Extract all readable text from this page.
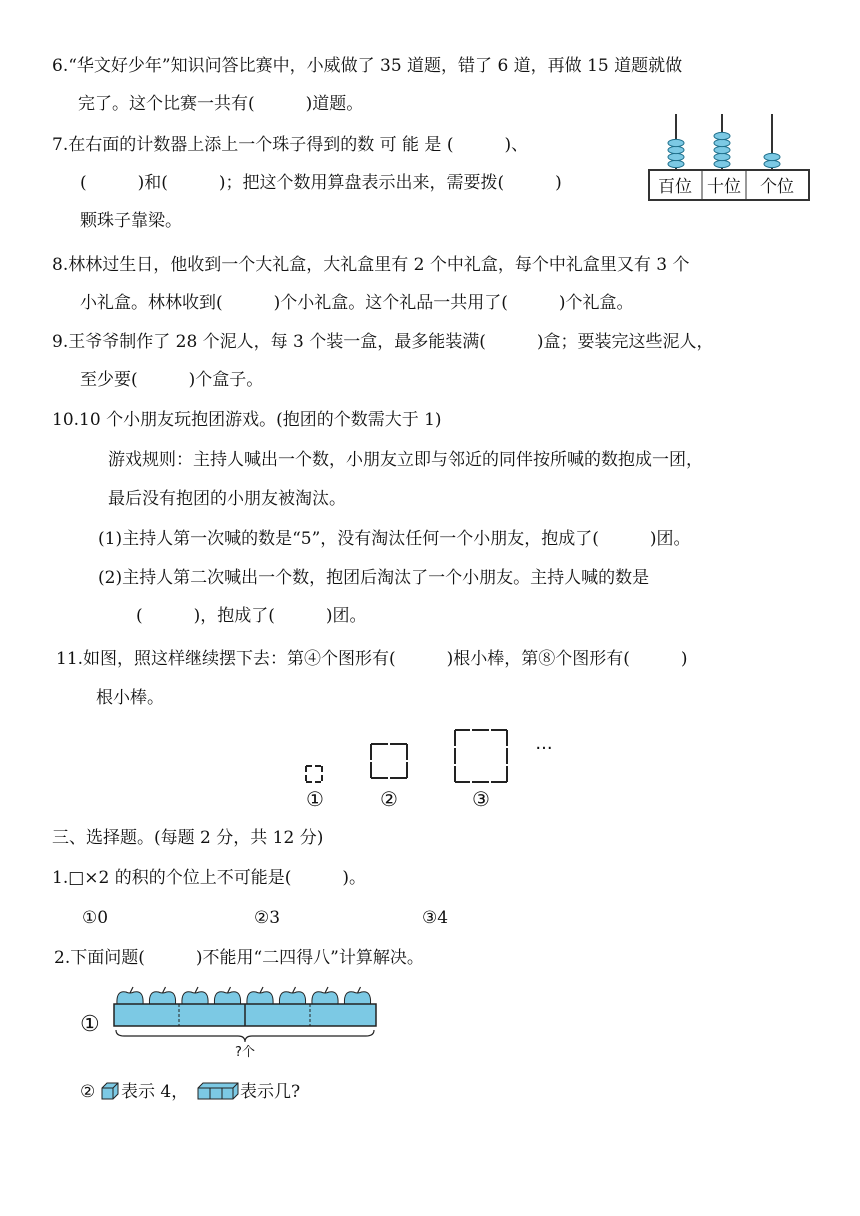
6.“华文好少年”知识问答比赛中，小威做了 35 道题，错了 6 道，再做 15 道题就做
完了。这个比赛一共有(　　　)道题。
7.在右面的计数器上添上一个珠子得到的数 可 能 是 (　　　)、
(　　　)和(　　　)；把这个数用算盘表示出来，需要拨(　　　)
颗珠子靠梁。
百位 十位 个位
8.林林过生日，他收到一个大礼盒，大礼盒里有 2 个中礼盒，每个中礼盒里又有 3 个
小礼盒。林林收到(　　　)个小礼盒。这个礼品一共用了(　　　)个礼盒。
9.王爷爷制作了 28 个泥人，每 3 个装一盒，最多能装满(　　　)盒；要装完这些泥人，
至少要(　　　)个盒子。
10.10 个小朋友玩抱团游戏。(抱团的个数需大于 1)
游戏规则：主持人喊出一个数，小朋友立即与邻近的同伴按所喊的数抱成一团，
最后没有抱团的小朋友被淘汰。
(1)主持人第一次喊的数是“5”，没有淘汰任何一个小朋友，抱成了(　　　)团。
(2)主持人第二次喊出一个数，抱团后淘汰了一个小朋友。主持人喊的数是
(　　　)，抱成了(　　　)团。
11.如图，照这样继续摆下去：第④个图形有(　　　)根小棒，第⑧个图形有(　　　)
根小棒。
···
①	②	③
三、选择题。(每题 2 分，共 12 分)
1.□×2 的积的个位上不可能是(　　　)。
①0	②3	③4
2.下面问题(　　　)不能用“二四得八”计算解决。
①
?个
② 表示 4，	表示几?
